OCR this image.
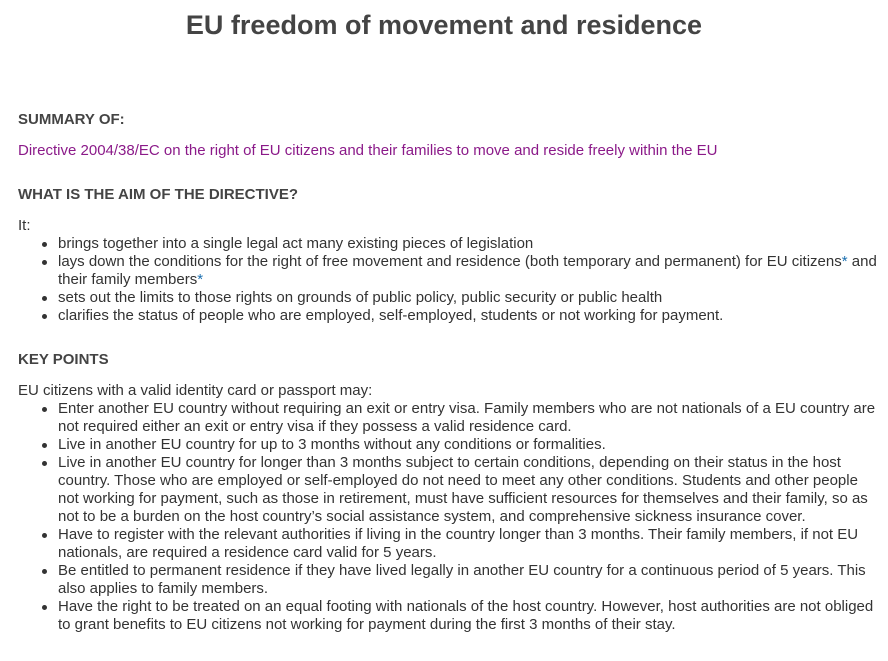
EU freedom of movement and residence
SUMMARY OF:
Directive 2004/38/EC on the right of EU citizens and their families to move and reside freely within the EU
WHAT IS THE AIM OF THE DIRECTIVE?

It:

brings together into a single legal act many existing pieces of legislation
lays down the conditions for the right of free movement and residence (both temporary and permanent) for EU citizens* and their family members*
sets out the limits to those rights on grounds of public policy, public security or public health
clarifies the status of people who are employed, self-employed, students or not working for payment.
KEY POINTS

EU citizens with a valid identity card or passport may:

Enter another EU country without requiring an exit or entry visa. Family members who are not nationals of a EU country are not required either an exit or entry visa if they possess a valid residence card.
Live in another EU country for up to 3 months without any conditions or formalities.
Live in another EU country for longer than 3 months subject to certain conditions, depending on their status in the host country. Those who are employed or self-employed do not need to meet any other conditions. Students and other people not working for payment, such as those in retirement, must have sufficient resources for themselves and their family, so as not to be a burden on the host country’s social assistance system, and comprehensive sickness insurance cover.
Have to register with the relevant authorities if living in the country longer than 3 months. Their family members, if not EU nationals, are required a residence card valid for 5 years.
Be entitled to permanent residence if they have lived legally in another EU country for a continuous period of 5 years. This also applies to family members.
Have the right to be treated on an equal footing with nationals of the host country. However, host authorities are not obliged to grant benefits to EU citizens not working for payment during the first 3 months of their stay.
